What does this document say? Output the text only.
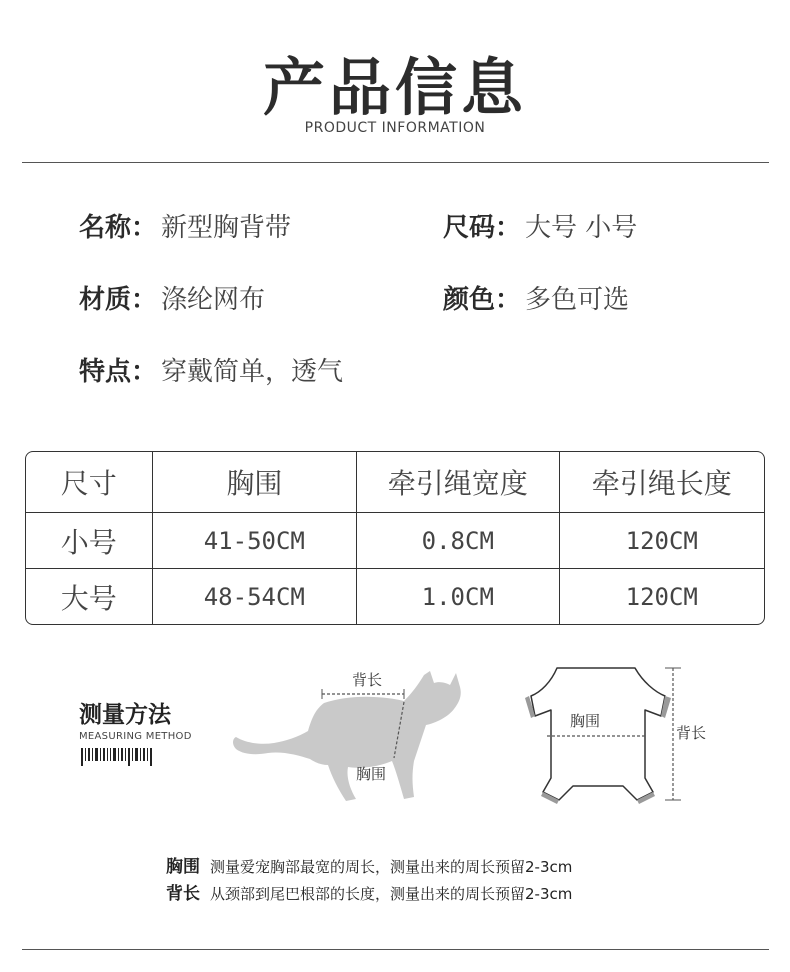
产品信息
PRODUCT INFORMATION
名称： 新型胸背带	尺码： 大号 小号
材质： 涤纶网布	颜色： 多色可选
特点： 穿戴简单，透气
尺寸	胸围	牵引绳宽度	牵引绳长度
小号	41-50CM	0.8CM	120CM
大号	48-54CM	1.0CM	120CM
测量方法
MEASURING METHOD
背长
胸围
胸围
背长
胸围 测量爱宠胸部最宽的周长，测量出来的周长预留2-3cm
背长 从颈部到尾巴根部的长度，测量出来的周长预留2-3cm
